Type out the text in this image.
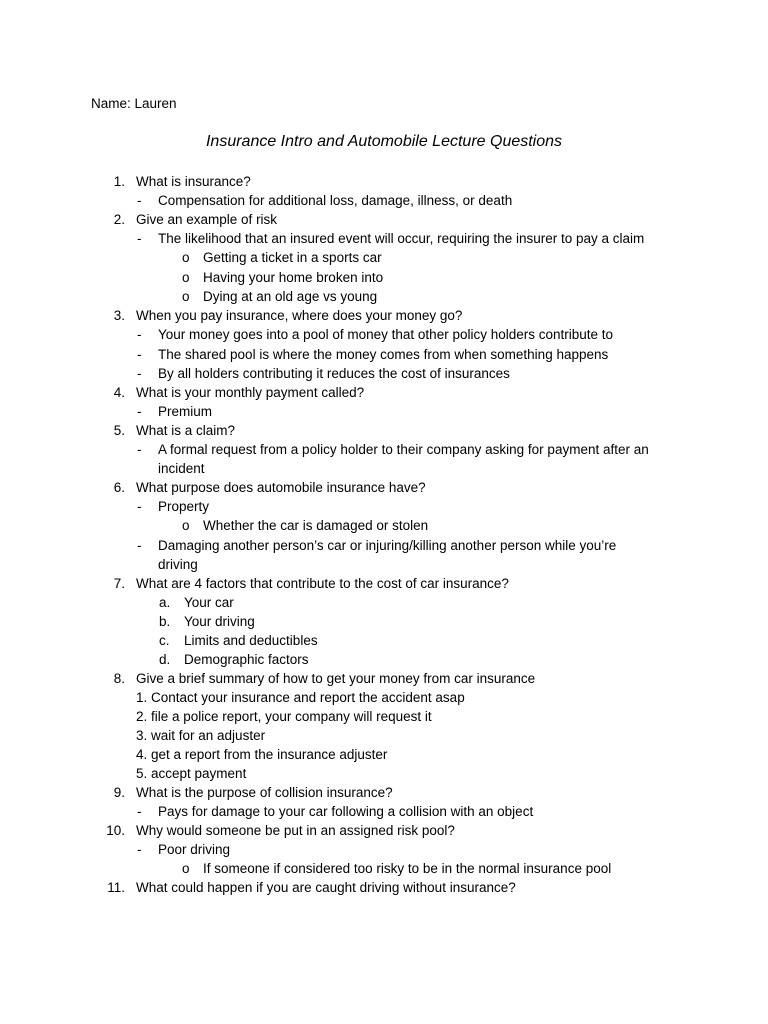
Name: Lauren
Insurance Intro and Automobile Lecture Questions
1. What is insurance?
- Compensation for additional loss, damage, illness, or death
2. Give an example of risk
- The likelihood that an insured event will occur, requiring the insurer to pay a claim
o Getting a ticket in a sports car
o Having your home broken into
o Dying at an old age vs young
3. When you pay insurance, where does your money go?
- Your money goes into a pool of money that other policy holders contribute to
- The shared pool is where the money comes from when something happens
- By all holders contributing it reduces the cost of insurances
4. What is your monthly payment called?
- Premium
5. What is a claim?
- A formal request from a policy holder to their company asking for payment after an
incident
6. What purpose does automobile insurance have?
- Property
o Whether the car is damaged or stolen
- Damaging another person’s car or injuring/killing another person while you’re
driving
7. What are 4 factors that contribute to the cost of car insurance?
a. Your car
b. Your driving
c. Limits and deductibles
d. Demographic factors
8. Give a brief summary of how to get your money from car insurance
1. Contact your insurance and report the accident asap
2. file a police report, your company will request it
3. wait for an adjuster
4. get a report from the insurance adjuster
5. accept payment
9. What is the purpose of collision insurance?
- Pays for damage to your car following a collision with an object
10. Why would someone be put in an assigned risk pool?
- Poor driving
o If someone if considered too risky to be in the normal insurance pool
11. What could happen if you are caught driving without insurance?
